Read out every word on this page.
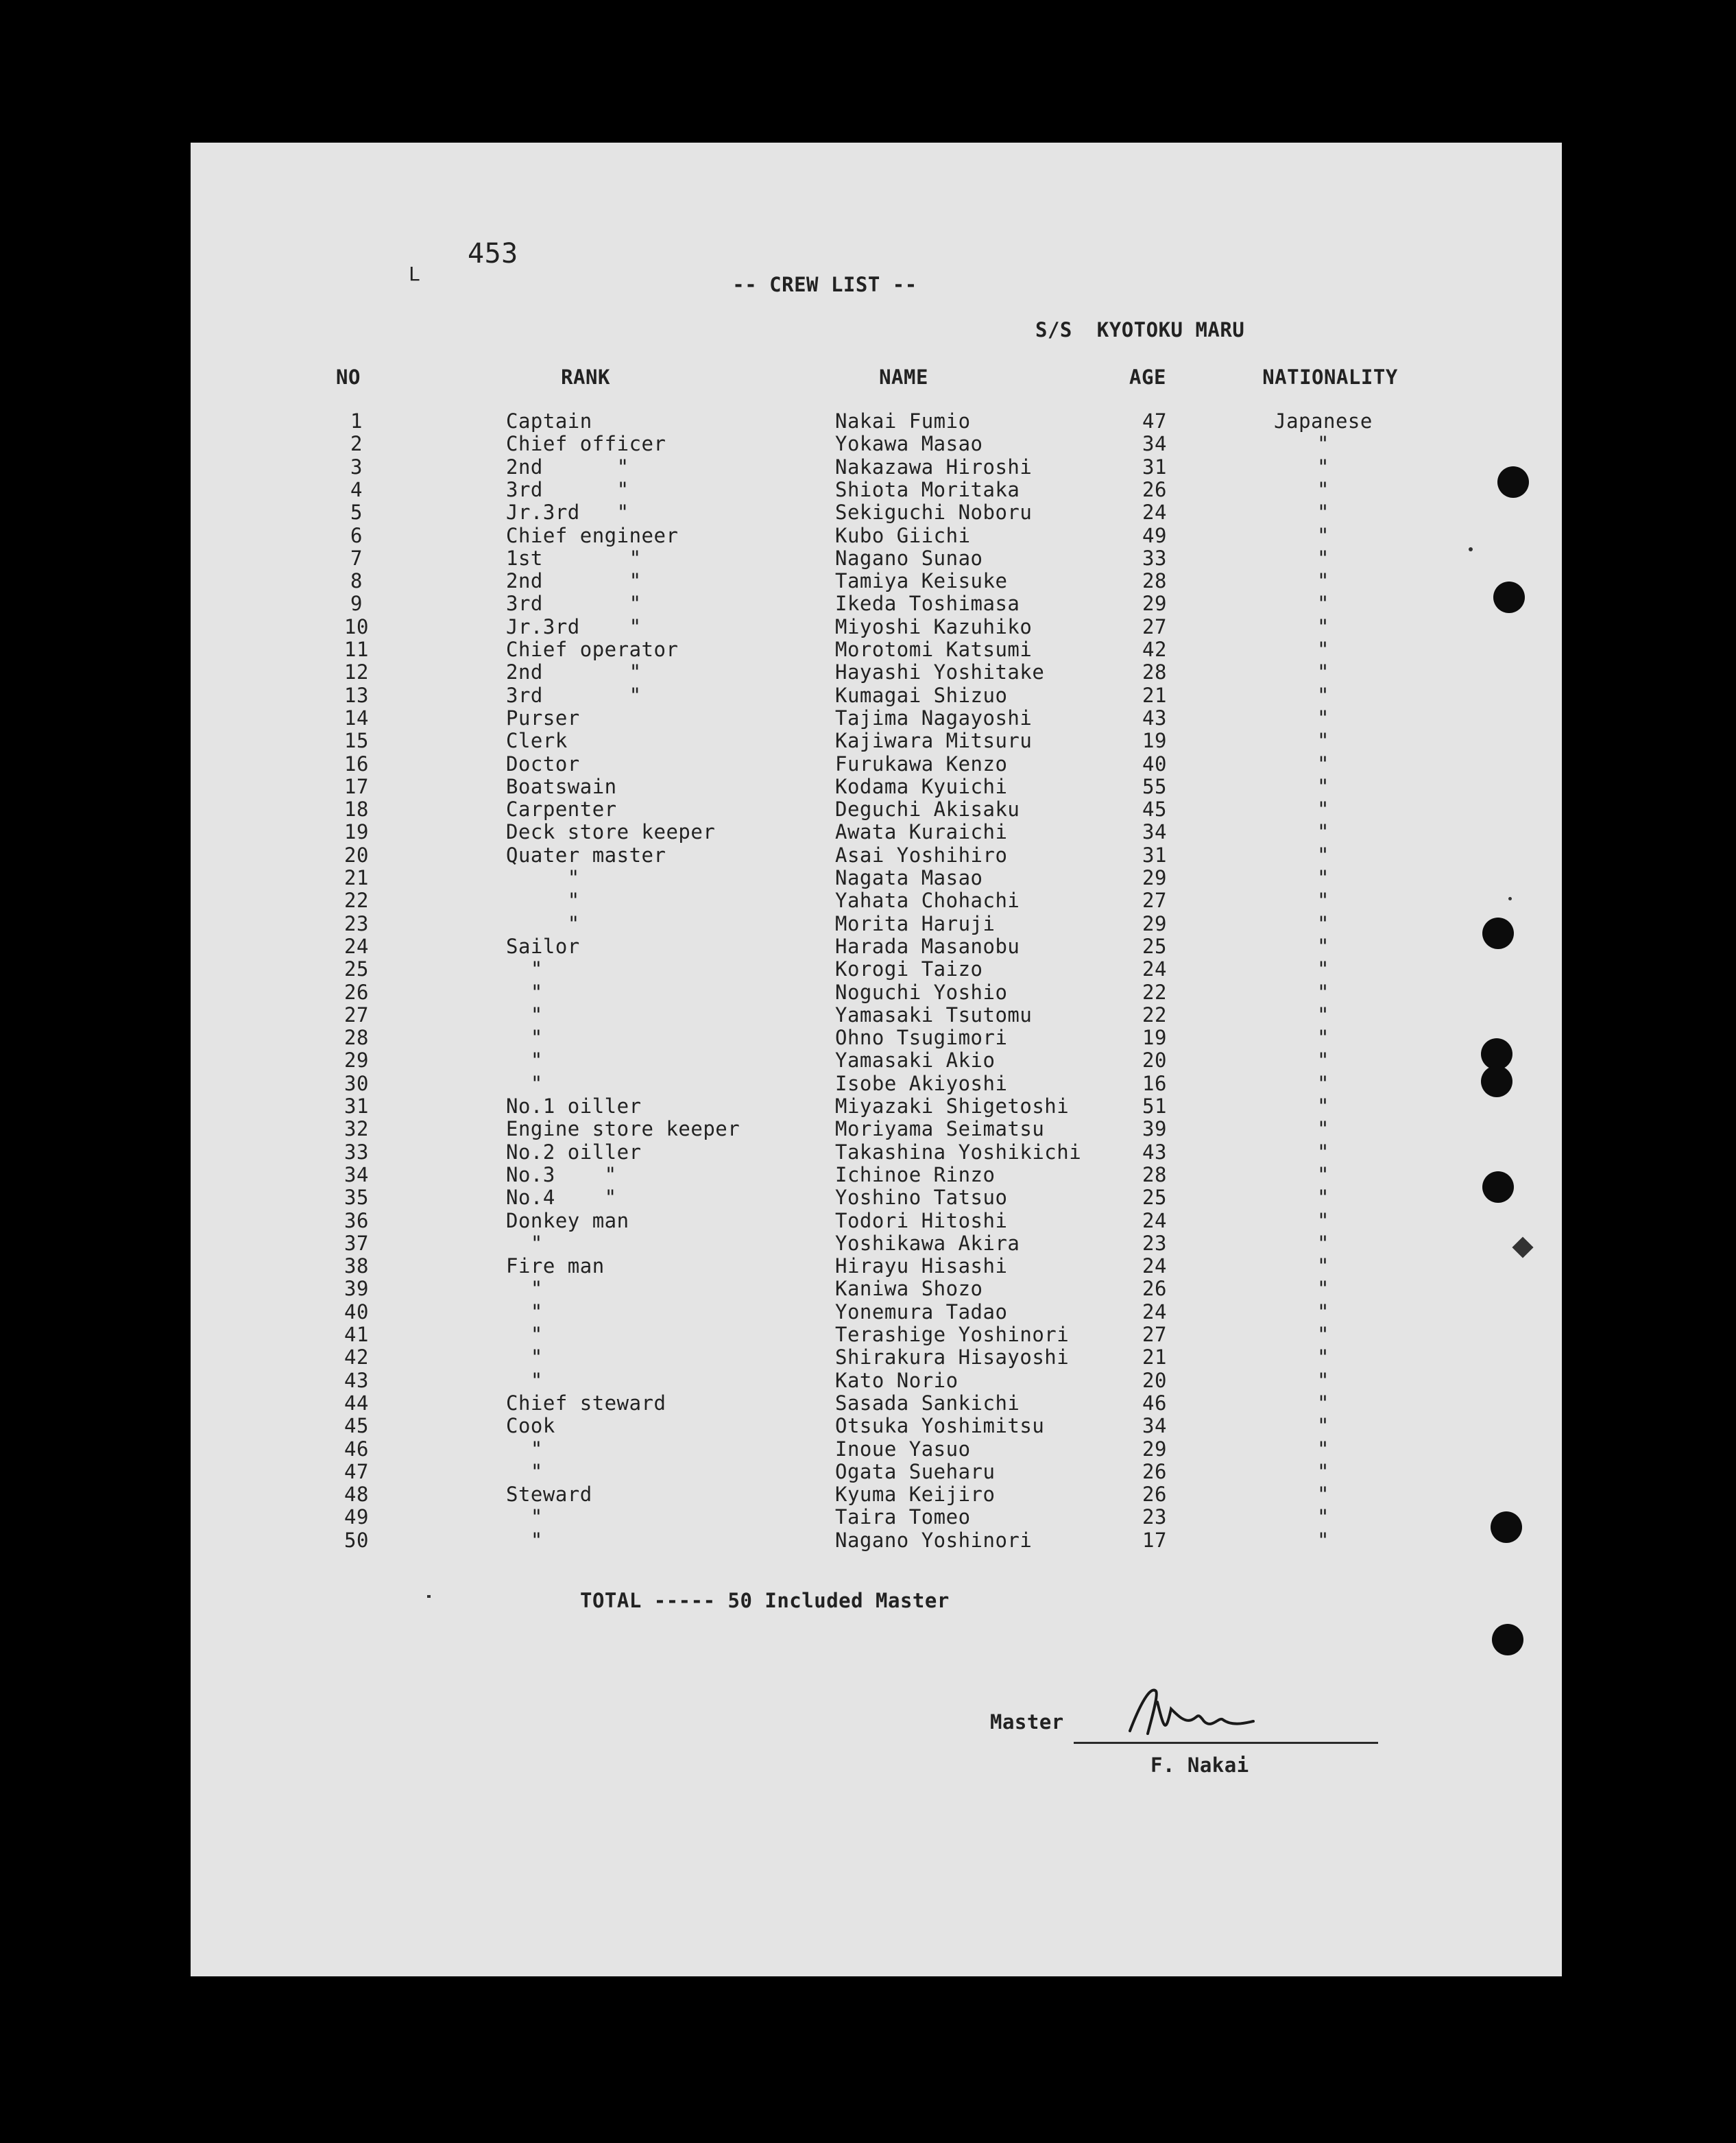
L
453
-- CREW LIST --
S/S  KYOTOKU MARU
NO	RANK	NAME	AGE	NATIONALITY
1	Captain	Nakai Fumio	47	Japanese
2	Chief officer	Yokawa Masao	34	"
3	2nd      "	Nakazawa Hiroshi	31	"
4	3rd      "	Shiota Moritaka	26	"
5	Jr.3rd   "	Sekiguchi Noboru	24	"
6	Chief engineer	Kubo Giichi	49	"
7	1st       "	Nagano Sunao	33	"
8	2nd       "	Tamiya Keisuke	28	"
9	3rd       "	Ikeda Toshimasa	29	"
10	Jr.3rd    "	Miyoshi Kazuhiko	27	"
11	Chief operator	Morotomi Katsumi	42	"
12	2nd       "	Hayashi Yoshitake	28	"
13	3rd       "	Kumagai Shizuo	21	"
14	Purser	Tajima Nagayoshi	43	"
15	Clerk	Kajiwara Mitsuru	19	"
16	Doctor	Furukawa Kenzo	40	"
17	Boatswain	Kodama Kyuichi	55	"
18	Carpenter	Deguchi Akisaku	45	"
19	Deck store keeper	Awata Kuraichi	34	"
20	Quater master	Asai Yoshihiro	31	"
21	"	Nagata Masao	29	"
22	"	Yahata Chohachi	27	"
23	"	Morita Haruji	29	"
24	Sailor	Harada Masanobu	25	"
25	"	Korogi Taizo	24	"
26	"	Noguchi Yoshio	22	"
27	"	Yamasaki Tsutomu	22	"
28	"	Ohno Tsugimori	19	"
29	"	Yamasaki Akio	20	"
30	"	Isobe Akiyoshi	16	"
31	No.1 oiller	Miyazaki Shigetoshi	51	"
32	Engine store keeper	Moriyama Seimatsu	39	"
33	No.2 oiller	Takashina Yoshikichi	43	"
34	No.3    "	Ichinoe Rinzo	28	"
35	No.4    "	Yoshino Tatsuo	25	"
36	Donkey man	Todori Hitoshi	24	"
37	"	Yoshikawa Akira	23	"
38	Fire man	Hirayu Hisashi	24	"
39	"	Kaniwa Shozo	26	"
40	"	Yonemura Tadao	24	"
41	"	Terashige Yoshinori	27	"
42	"	Shirakura Hisayoshi	21	"
43	"	Kato Norio	20	"
44	Chief steward	Sasada Sankichi	46	"
45	Cook	Otsuka Yoshimitsu	34	"
46	"	Inoue Yasuo	29	"
47	"	Ogata Sueharu	26	"
48	Steward	Kyuma Keijiro	26	"
49	"	Taira Tomeo	23	"
50	"	Nagano Yoshinori	17	"
TOTAL ----- 50 Included Master
Master
F. Nakai
